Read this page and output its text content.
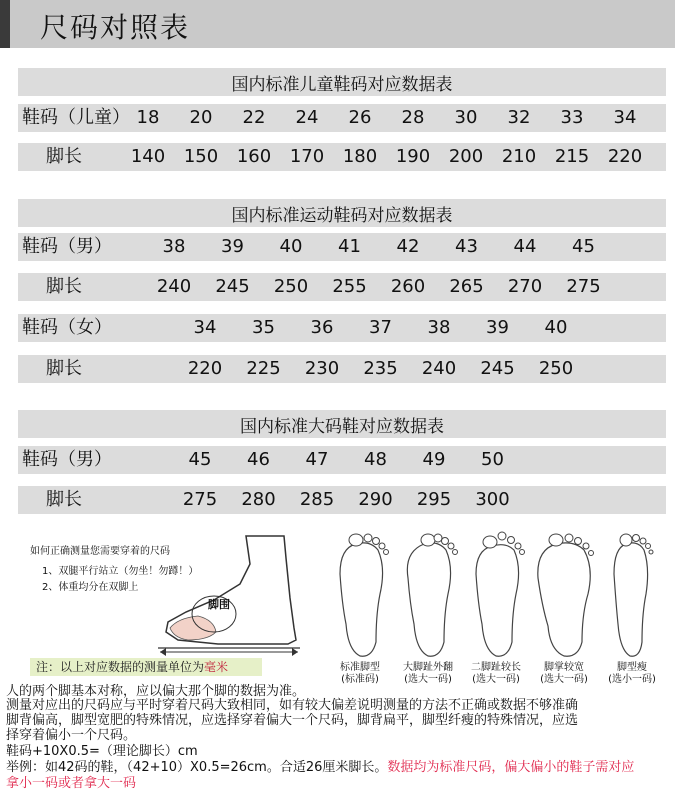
尺码对照表
国内标准儿童鞋码对应数据表
鞋码（儿童） 18	20	22	24	26	28	30	32	33	34
脚长	140	150	160	170	180	190	200	210	215	220
国内标准运动鞋码对应数据表
鞋码（男）	38	39	40	41	42	43	44	45
脚长	240	245	250	255	260	265	270	275
鞋码（女）	34	35	36	37	38	39	40
脚长	220	225	230	235	240	245	250
国内标准大码鞋对应数据表
鞋码（男）	45	46	47	48	49	50
脚长	275	280	285	290	295	300
如何正确测量您需要穿着的尺码
1、双腿平行站立（勿坐！勿蹲！）
2、体重均分在双脚上
脚围
标准脚型
(标准码)
大脚趾外翻
(选大一码)
二脚趾较长
(选大一码)
脚掌较宽
(选大一码)
脚型瘦
(选小一码)
注：以上对应数据的测量单位为毫米
人的两个脚基本对称，应以偏大那个脚的数据为准。
测量对应出的尺码应与平时穿着尺码大致相同，如有较大偏差说明测量的方法不正确或数据不够准确
脚背偏高，脚型宽肥的特殊情况，应选择穿着偏大一个尺码，脚背扁平，脚型纤瘦的特殊情况，应选
择穿着偏小一个尺码。
鞋码+10X0.5=（理论脚长）cm
举例：如42码的鞋，（42+10）X0.5=26cm。合适26厘米脚长。数据均为标准尺码，偏大偏小的鞋子需对应
拿小一码或者拿大一码
